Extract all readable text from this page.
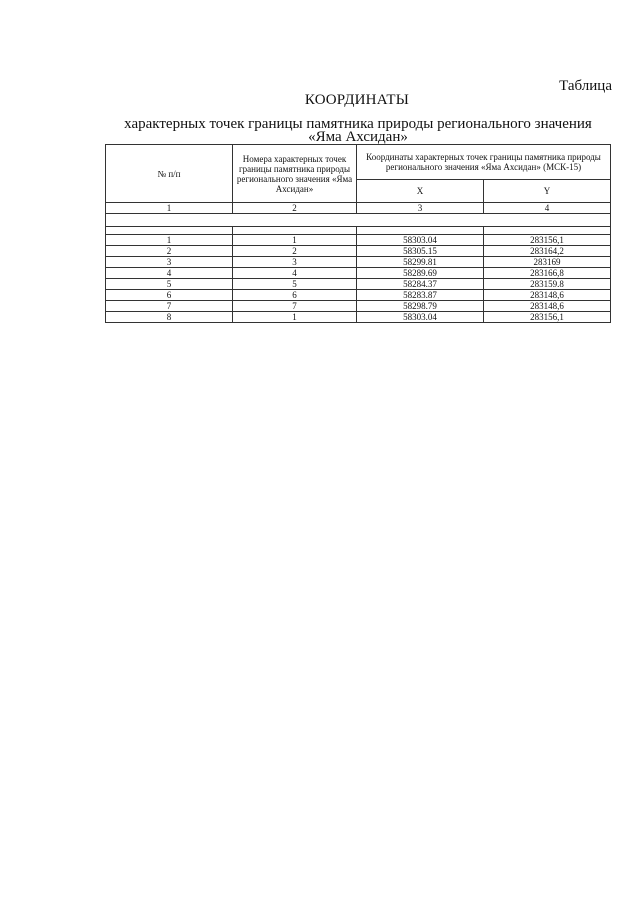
Таблица
КООРДИНАТЫ
характерных точек границы памятника природы регионального значения
«Яма Ахсидан»
№ п/п	Номера характерных точек границы памятника природы регионального значения «Яма Ахсидан»	Координаты характерных точек границы памятника природы регионального значения «Яма Ахсидан» (МСК-15)	
		X	Y
1	2	3	4

1	1	58303.04	283156,1
2	2	58305.15	283164,2
3	3	58299.81	283169
4	4	58289.69	283166,8
5	5	58284.37	283159.8
6	6	58283.87	283148,6
7	7	58298.79	283148,6
8	1	58303.04	283156,1
